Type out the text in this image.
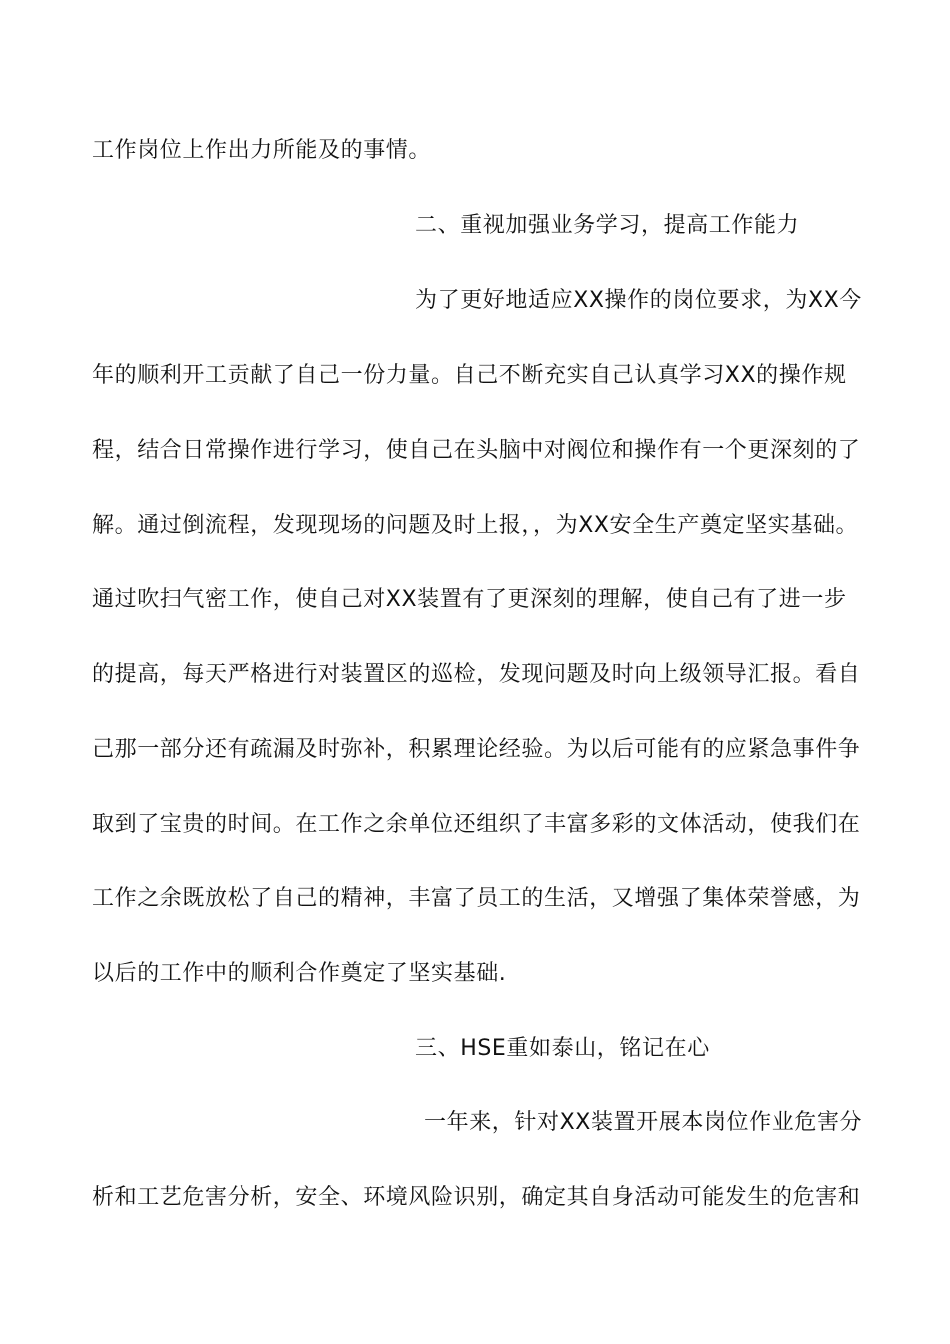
工作岗位上作出力所能及的事情。
二、重视加强业务学习，提高工作能力
为了更好地适应XX操作的岗位要求，为XX今
年的顺利开工贡献了自己一份力量。自己不断充实自己认真学习XX的操作规
程，结合日常操作进行学习，使自己在头脑中对阀位和操作有一个更深刻的了
解。通过倒流程，发现现场的问题及时上报，，为XX安全生产奠定坚实基础。
通过吹扫气密工作，使自己对XX装置有了更深刻的理解，使自己有了进一步
的提高，每天严格进行对装置区的巡检，发现问题及时向上级领导汇报。看自
己那一部分还有疏漏及时弥补，积累理论经验。为以后可能有的应紧急事件争
取到了宝贵的时间。在工作之余单位还组织了丰富多彩的文体活动，使我们在
工作之余既放松了自己的精神，丰富了员工的生活，又增强了集体荣誉感，为
以后的工作中的顺利合作奠定了坚实基础.
三、HSE重如泰山，铭记在心
一年来，针对XX装置开展本岗位作业危害分
析和工艺危害分析，安全、环境风险识别，确定其自身活动可能发生的危害和
